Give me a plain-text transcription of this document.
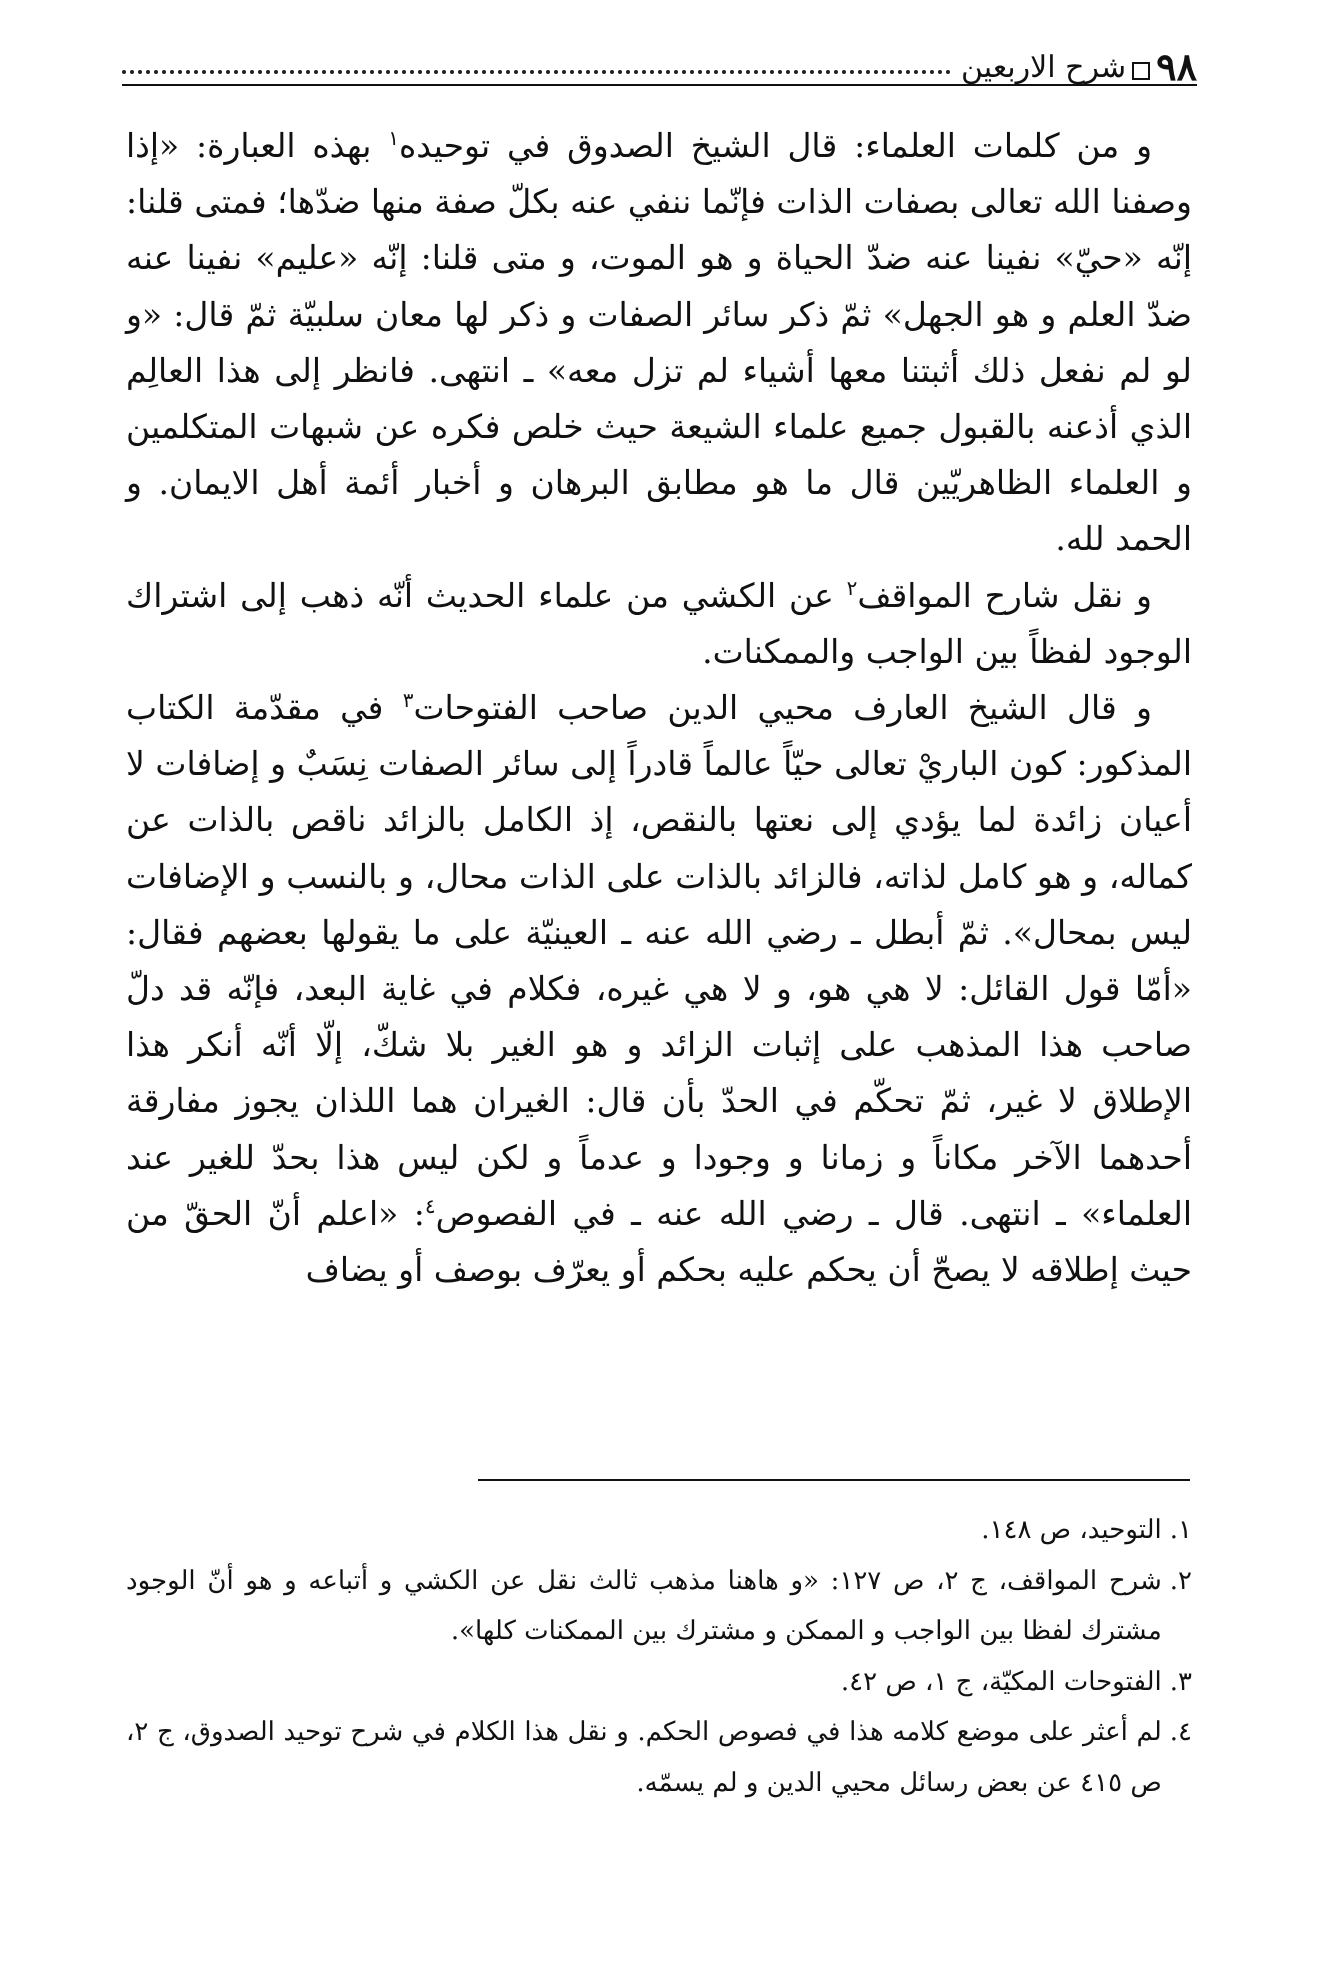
٩٨
شرح الاربعين

و من كلمات العلماء: قال الشيخ الصدوق في توحيده$^١$ بهذه العبارة: «إذا وصفنا الله تعالى بصفات الذات فإنّما ننفي عنه بكلّ صفة منها ضدّها؛ فمتى قلنا: إنّه «حيّ» نفينا عنه ضدّ الحياة و هو الموت، و متى قلنا: إنّه «عليم» نفينا عنه ضدّ العلم و هو الجهل» ثمّ ذكر سائر الصفات و ذكر لها معان سلبيّة ثمّ قال: «و لو لم نفعل ذلك أثبتنا معها أشياء لم تزل معه» ـ انتهى. فانظر إلى هذا العالِم الذي أذعنه بالقبول جميع علماء الشيعة حيث خلص فكره عن شبهات المتكلمين و العلماء الظاهريّين قال ما هو مطابق البرهان و أخبار أئمة أهل الايمان. و الحمد لله.

و نقل شارح المواقف$^٢$ عن الكشي من علماء الحديث أنّه ذهب إلى اشتراك الوجود لفظاً بين الواجب والممكنات.

و قال الشيخ العارف محيي الدين صاحب الفتوحات$^٣$ في مقدّمة الكتاب المذكور: كون الباريْ تعالى حيّاً عالماً قادراً إلى سائر الصفات نِسَبٌ و إضافات لا أعيان زائدة لما يؤدي إلى نعتها بالنقص، إذ الكامل بالزائد ناقص بالذات عن كماله، و هو كامل لذاته، فالزائد بالذات على الذات محال، و بالنسب و الإضافات ليس بمحال». ثمّ أبطل ـ رضي الله عنه ـ العينيّة على ما يقولها بعضهم فقال: «أمّا قول القائل: لا هي هو، و لا هي غيره، فكلام في غاية البعد، فإنّه قد دلّ صاحب هذا المذهب على إثبات الزائد و هو الغير بلا شكّ، إلّا أنّه أنكر هذا الإطلاق لا غير، ثمّ تحكّم في الحدّ بأن قال: الغيران هما اللذان يجوز مفارقة أحدهما الآخر مكاناً و زمانا و وجودا و عدماً و لكن ليس هذا بحدّ للغير عند العلماء» ـ انتهى. قال ـ رضي الله عنه ـ في الفصوص$^٤$: «اعلم أنّ الحقّ من حيث إطلاقه لا يصحّ أن يحكم عليه بحكم أو يعرّف بوصف أو يضاف

١.
التوحيد، ص ١٤٨.
٢.
شرح المواقف، ج ٢، ص ١٢٧: «و هاهنا مذهب ثالث نقل عن الكشي و أتباعه و هو أنّ الوجود مشترك لفظا بين الواجب و الممكن و مشترك بين الممكنات كلها».
٣.
الفتوحات المكيّة، ج ١، ص ٤٢.
٤.
لم أعثر على موضع كلامه هذا في فصوص الحكم. و نقل هذا الكلام في شرح توحيد الصدوق، ج ٢، ص ٤١٥ عن بعض رسائل محيي الدين و لم يسمّه.
